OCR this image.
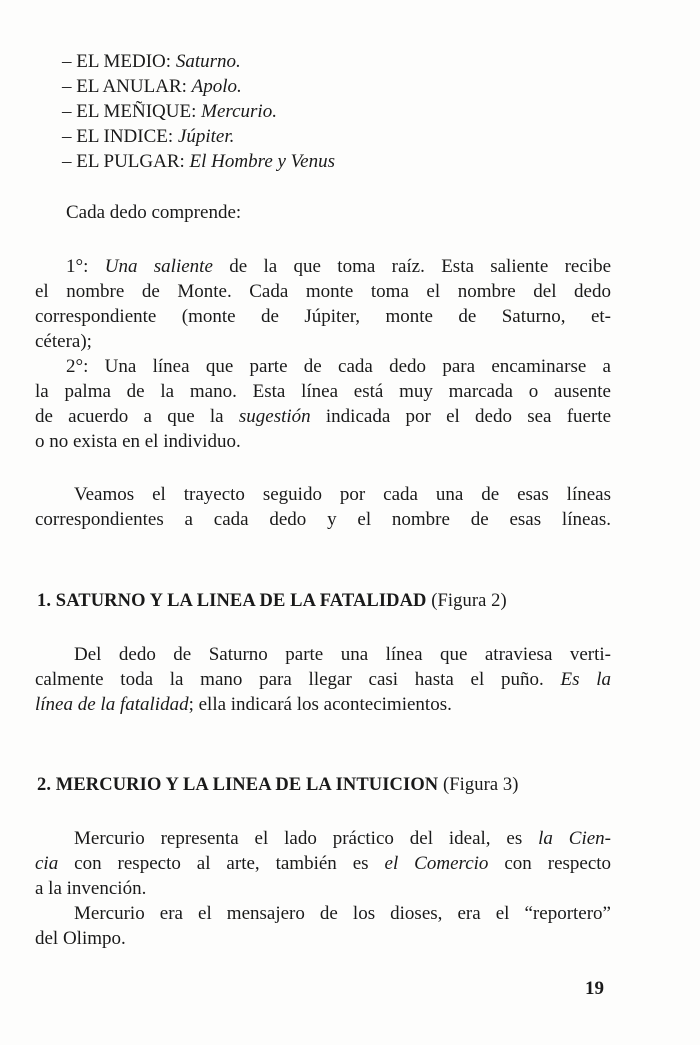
– EL MEDIO: Saturno.
– EL ANULAR: Apolo.
– EL MEÑIQUE: Mercurio.
– EL INDICE: Júpiter.
– EL PULGAR: El Hombre y Venus
Cada dedo comprende:
1°: Una saliente de la que toma raíz. Esta saliente recibe
el nombre de Monte. Cada monte toma el nombre del dedo
correspondiente (monte de Júpiter, monte de Saturno, et-
cétera);
2°: Una línea que parte de cada dedo para encaminarse a
la palma de la mano. Esta línea está muy marcada o ausente
de acuerdo a que la sugestión indicada por el dedo sea fuerte
o no exista en el individuo.
Veamos el trayecto seguido por cada una de esas líneas
correspondientes a cada dedo y el nombre de esas líneas.
1. SATURNO Y LA LINEA DE LA FATALIDAD (Figura 2)
Del dedo de Saturno parte una línea que atraviesa verti-
calmente toda la mano para llegar casi hasta el puño. Es la
línea de la fatalidad; ella indicará los acontecimientos.
2. MERCURIO Y LA LINEA DE LA INTUICION (Figura 3)
Mercurio representa el lado práctico del ideal, es la Cien-
cia con respecto al arte, también es el Comercio con respecto
a la invención.
Mercurio era el mensajero de los dioses, era el “reportero”
del Olimpo.
19
